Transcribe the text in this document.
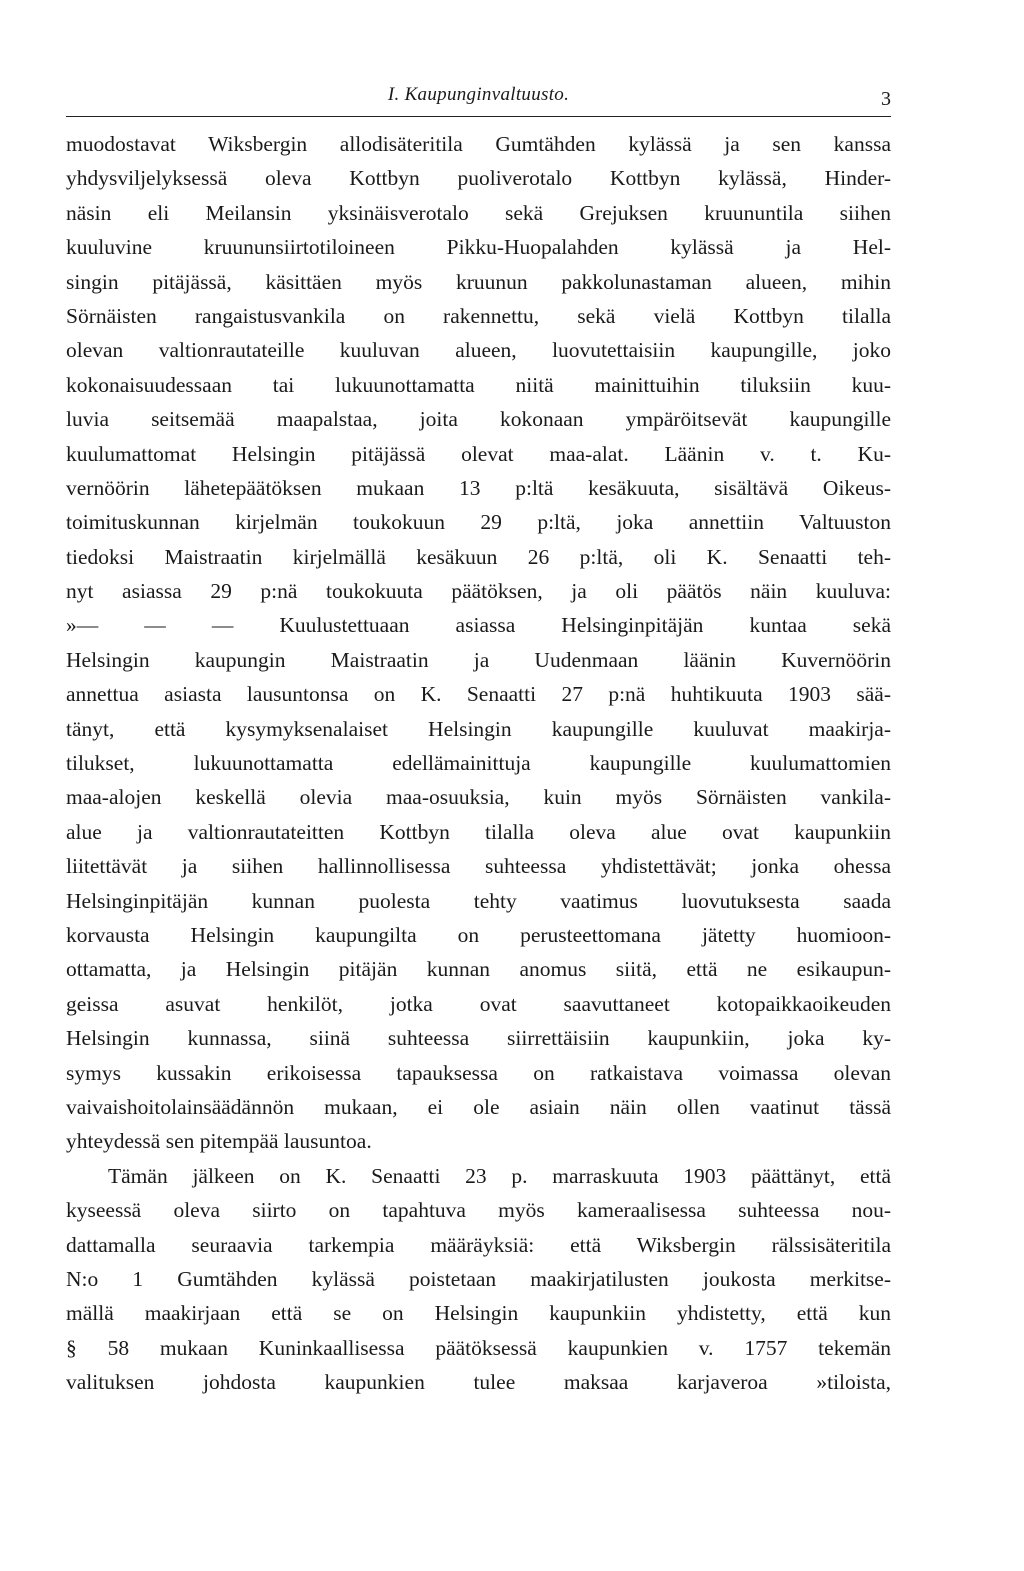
I. Kaupunginvaltuusto.	3
muodostavat Wiksbergin allodisäteritila Gumtähden kylässä ja sen kanssa
yhdysviljelyksessä oleva Kottbyn puoliverotalo Kottbyn kylässä, Hinder-
näsin eli Meilansin yksinäisverotalo sekä Grejuksen kruununtila siihen
kuuluvine kruununsiirtotiloineen Pikku-Huopalahden kylässä ja Hel-
singin pitäjässä, käsittäen myös kruunun pakkolunastaman alueen, mihin
Sörnäisten rangaistusvankila on rakennettu, sekä vielä Kottbyn tilalla
olevan valtionrautateille kuuluvan alueen, luovutettaisiin kaupungille, joko
kokonaisuudessaan tai lukuunottamatta niitä mainittuihin tiluksiin kuu-
luvia seitsemää maapalstaa, joita kokonaan ympäröitsevät kaupungille
kuulumattomat Helsingin pitäjässä olevat maa-alat. Läänin v. t. Ku-
vernöörin lähetepäätöksen mukaan 13 p:ltä kesäkuuta, sisältävä Oikeus-
toimituskunnan kirjelmän toukokuun 29 p:ltä, joka annettiin Valtuuston
tiedoksi Maistraatin kirjelmällä kesäkuun 26 p:ltä, oli K. Senaatti teh-
nyt asiassa 29 p:nä toukokuuta päätöksen, ja oli päätös näin kuuluva:
»— — — Kuulustettuaan asiassa Helsinginpitäjän kuntaa sekä
Helsingin kaupungin Maistraatin ja Uudenmaan läänin Kuvernöörin
annettua asiasta lausuntonsa on K. Senaatti 27 p:nä huhtikuuta 1903 sää-
tänyt, että kysymyksenalaiset Helsingin kaupungille kuuluvat maakirja-
tilukset, lukuunottamatta edellämainittuja kaupungille kuulumattomien
maa-alojen keskellä olevia maa-osuuksia, kuin myös Sörnäisten vankila-
alue ja valtionrautateitten Kottbyn tilalla oleva alue ovat kaupunkiin
liitettävät ja siihen hallinnollisessa suhteessa yhdistettävät; jonka ohessa
Helsinginpitäjän kunnan puolesta tehty vaatimus luovutuksesta saada
korvausta Helsingin kaupungilta on perusteettomana jätetty huomioon-
ottamatta, ja Helsingin pitäjän kunnan anomus siitä, että ne esikaupun-
geissa asuvat henkilöt, jotka ovat saavuttaneet kotopaikkaoikeuden
Helsingin kunnassa, siinä suhteessa siirrettäisiin kaupunkiin, joka ky-
symys kussakin erikoisessa tapauksessa on ratkaistava voimassa olevan
vaivaishoitolainsäädännön mukaan, ei ole asiain näin ollen vaatinut tässä
yhteydessä sen pitempää lausuntoa.
Tämän jälkeen on K. Senaatti 23 p. marraskuuta 1903 päättänyt, että
kyseessä oleva siirto on tapahtuva myös kameraalisessa suhteessa nou-
dattamalla seuraavia tarkempia määräyksiä: että Wiksbergin rälssisäteritila
N:o 1 Gumtähden kylässä poistetaan maakirjatilusten joukosta merkitse-
mällä maakirjaan että se on Helsingin kaupunkiin yhdistetty, että kun
§ 58 mukaan Kuninkaallisessa päätöksessä kaupunkien v. 1757 tekemän
valituksen johdosta kaupunkien tulee maksaa karjaveroa »tiloista,
